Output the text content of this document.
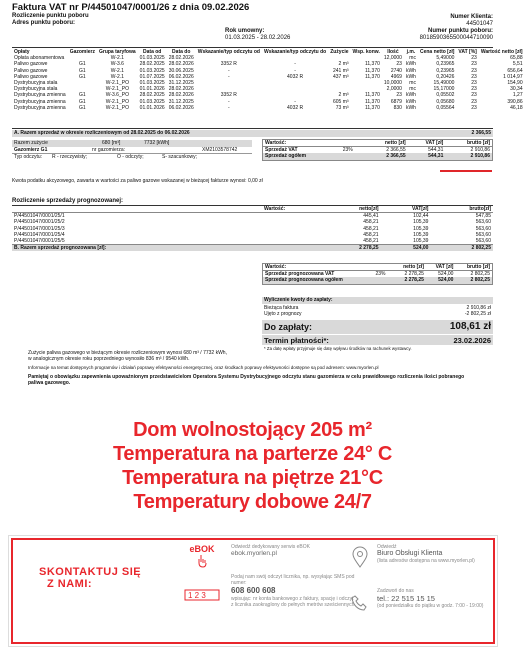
Faktura VAT nr P/44501047/0001/26 z dnia 09.02.2026
Rozliczenie punktu poboru
Adres punktu poboru:
Numer Klienta:
44501047
Numer punktu poboru:
8018590365500044710090
Rok umowny:
01.03.2025 - 28.02.2026
Opłaty	Gazomierz	Grupa taryfowa	Data od	Data do	Wskazanie/typ odczytu od	Wskazanie/typ odczytu do	Zużycie	Wsp. konw.	Ilość	j.m.	Cena netto [zł]	VAT [%]	Wartość netto [zł]
Opłata abonamentowa		W-2.1	01.03.2025	28.02.2026					12,0000	mc	5,49000	23	65,88
Paliwo gazowe	G1	W-3.6	28.02.2025	28.02.2026	3352 R	-	2 m³	11,370	23	kWh	0,23965	23	5,51
Paliwo gazowe	G1	W-2.1	01.03.2025	30.06.2025	-	-	241 m³	11,370	2740	kWh	0,23965	23	656,64
Paliwo gazowe	G1	W-2.1	01.07.2025	06.02.2026	-	4032 R	437 m³	11,370	4969	kWh	0,20426	23	1 014,97
Dystrybucyjna stała		W-2.1_PO	01.03.2025	31.12.2025					10,0000	mc	15,49000	23	154,90
Dystrybucyjna stała		W-2.1_PO	01.01.2026	28.02.2026					2,0000	mc	15,17000	23	30,34
Dystrybucyjna zmienna	G1	W-3.6_PO	28.02.2025	28.02.2026	3352 R		2 m³	11,370	23	kWh	0,05502	23	1,27
Dystrybucyjna zmienna	G1	W-2.1_PO	01.03.2025	31.12.2025	-	-	605 m³	11,370	6879	kWh	0,05680	23	390,86
Dystrybucyjna zmienna	G1	W-2.1_PO	01.01.2026	06.02.2026	-	4032 R	73 m³	11,370	830	kWh	0,05564	23	46,18
A. Razem sprzedaż w okresie rozliczeniowym od 28.02.2025 do 06.02.2026	2 366,55
Razem zużycie	680 [m³]	7732 [kWh]
Gazomierz G1	nr gazomierza:	XM2103578742
Typ odczytu: R - rzeczywisty;	O - odczyty;	S- szacunkowy;
Wartość:		netto [zł]	VAT [zł]	brutto [zł]
Sprzedaż VAT	23%	2 366,55	544,31	2 910,86
Sprzedaż ogółem		2 366,55	544,31	2 910,86
Kwota podatku akcyzowego, zawarta w wartości za paliwo gazowe wskazanej w bieżącej fakturze wynosi: 0,00 zł
Rozliczenie sprzedaży prognozowanej:
	Wartość:	netto[zł]	VAT[zł]	brutto[zł]
P/44501047/0001/25/1		445,41	102,44	547,85
P/44501047/0001/25/2		458,21	105,39	563,60
P/44501047/0001/25/3		458,21	105,39	563,60
P/44501047/0001/25/4		458,21	105,39	563,60
P/44501047/0001/25/5		458,21	105,39	563,60
B. Razem sprzedaż prognozowana [zł]:		2 278,25	524,00	2 802,25
Wartość:		netto [zł]	VAT [zł]	brutto [zł]
Sprzedaż prognozowana VAT	23%	2 278,25	524,00	2 802,25
Sprzedaż prognozowana ogółem		2 278,25	524,00	2 802,25
Wyliczenie kwoty do zapłaty:
Bieżąca faktura	2 910,86 zł
Ujęto z prognozy	-2 802,25 zł
Do zapłaty:	108,61 zł
Termin płatności*:	23.02.2026
* Za datę wpłaty przyjmuje się datę wpływu środków na rachunek wystawcy.
Zużycie paliwa gazowego w bieżącym okresie rozliczeniowym wynosi 680 m³ / 7732 kWh,
w analogicznym okresie roku poprzedniego wynosiło 836 m³ / 9540 kWh.
Informacje na temat dostępnych programów i działań poprawy efektywności energetycznej, oraz środkach poprawy efektywności dostępne są pod adresem: www.myorlen.pl
Pamiętaj o obowiązku zapewnienia upoważnionym przedstawicielom Operatora Systemu Dystrybucyjnego odczytu stanu gazomierza w celu prawidłowego rozliczenia ilości pobranego paliwa gazowego.
Dom wolnostojący 205 m²
Temperatura na parterze 24° C
Temperatura na piętrze 21°C
Temperatury dobowe 24/7
SKONTAKTUJ SIĘ
Z NAMI:
eBOK	Odwiedź dedykowany serwis eBOK
ebok.myorlen.pl
1 2 3
Podaj nam swój odczyt licznika, np. wysyłając SMS pod numer:
608 600 608
wpisując: nr konta bankowego z faktury, spację i odczyt z licznika zaokrąglony do pełnych metrów sześciennych
Odwiedź
Biuro Obsługi Klienta
(lista adresów dostępna na www.myorlen.pl)
Zadzwoń do nas
tel.: 22 515 15 15
(od poniedziałku do piątku w godz. 7:00 - 19:00)
